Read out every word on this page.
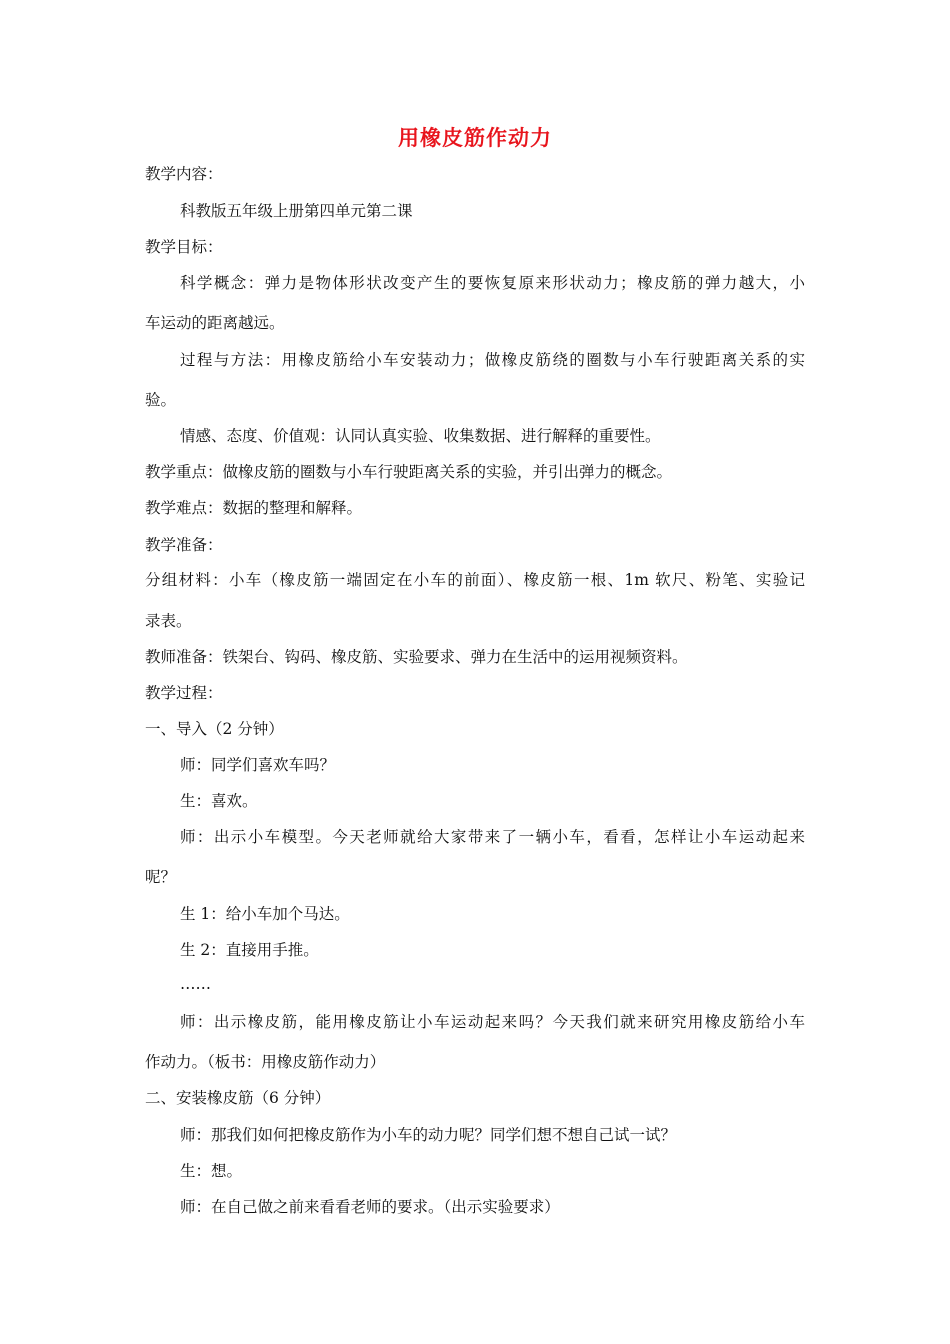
用橡皮筋作动力
教学内容：
科教版五年级上册第四单元第二课
教学目标：
科学概念：弹力是物体形状改变产生的要恢复原来形状动力；橡皮筋的弹力越大，小
车运动的距离越远。
过程与方法：用橡皮筋给小车安装动力；做橡皮筋绕的圈数与小车行驶距离关系的实
验。
情感、态度、价值观：认同认真实验、收集数据、进行解释的重要性。
教学重点：做橡皮筋的圈数与小车行驶距离关系的实验，并引出弹力的概念。
教学难点：数据的整理和解释。
教学准备：
分组材料：小车（橡皮筋一端固定在小车的前面）、橡皮筋一根、1m 软尺、粉笔、实验记
录表。
教师准备：铁架台、钩码、橡皮筋、实验要求、弹力在生活中的运用视频资料。
教学过程：
一、导入（2 分钟）
师：同学们喜欢车吗？
生：喜欢。
师：出示小车模型。今天老师就给大家带来了一辆小车，看看，怎样让小车运动起来
呢？
生 1：给小车加个马达。
生 2：直接用手推。
……
师：出示橡皮筋，能用橡皮筋让小车运动起来吗？今天我们就来研究用橡皮筋给小车
作动力。（板书：用橡皮筋作动力）
二、安装橡皮筋（6 分钟）
师：那我们如何把橡皮筋作为小车的动力呢？同学们想不想自己试一试？
生：想。
师：在自己做之前来看看老师的要求。（出示实验要求）
